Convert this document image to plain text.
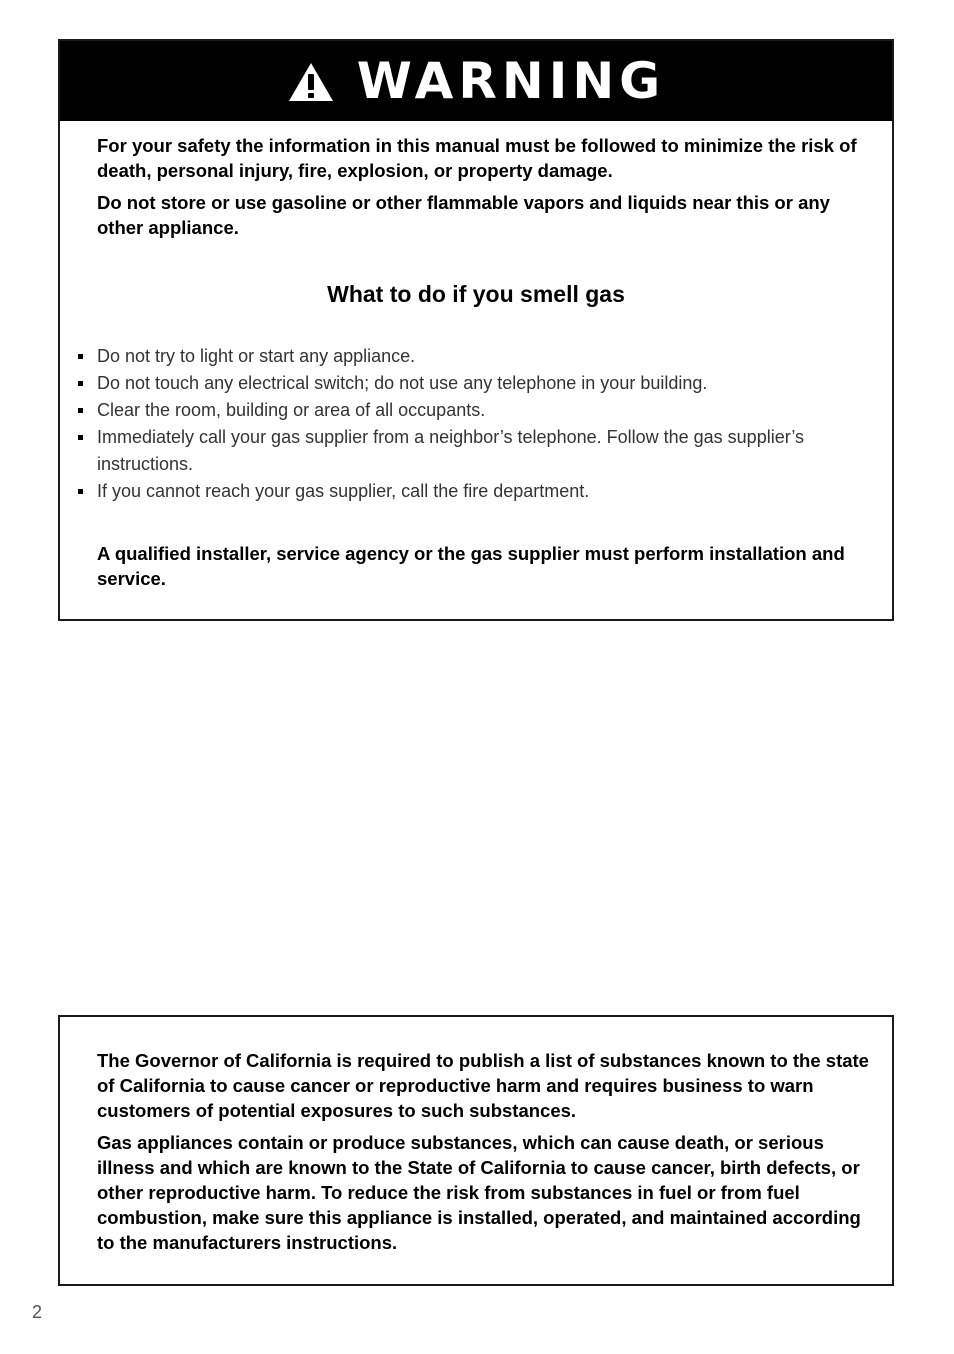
WARNING

For your safety the information in this manual must be followed to minimize the risk of death, personal injury, fire, explosion, or property damage.

Do not store or use gasoline or other flammable vapors and liquids near this or any other appliance.

What to do if you smell gas
Do not try to light or start any appliance.
Do not touch any electrical switch; do not use any telephone in your building.
Clear the room, building or area of all occupants.
Immediately call your gas supplier from a neighbor’s telephone. Follow the gas supplier’s instructions.
If you cannot reach your gas supplier, call the fire department.

A qualified installer, service agency or the gas supplier must perform installation and service.

The Governor of California is required to publish a list of substances known to the state of California to cause cancer or reproductive harm and requires business to warn customers of potential exposures to such substances.

Gas appliances contain or produce substances, which can cause death, or serious illness and which are known to the State of California to cause cancer, birth defects, or other reproductive harm. To reduce the risk from substances in fuel or from fuel combustion, make sure this appliance is installed, operated, and maintained according to the manufacturers instructions.

2
